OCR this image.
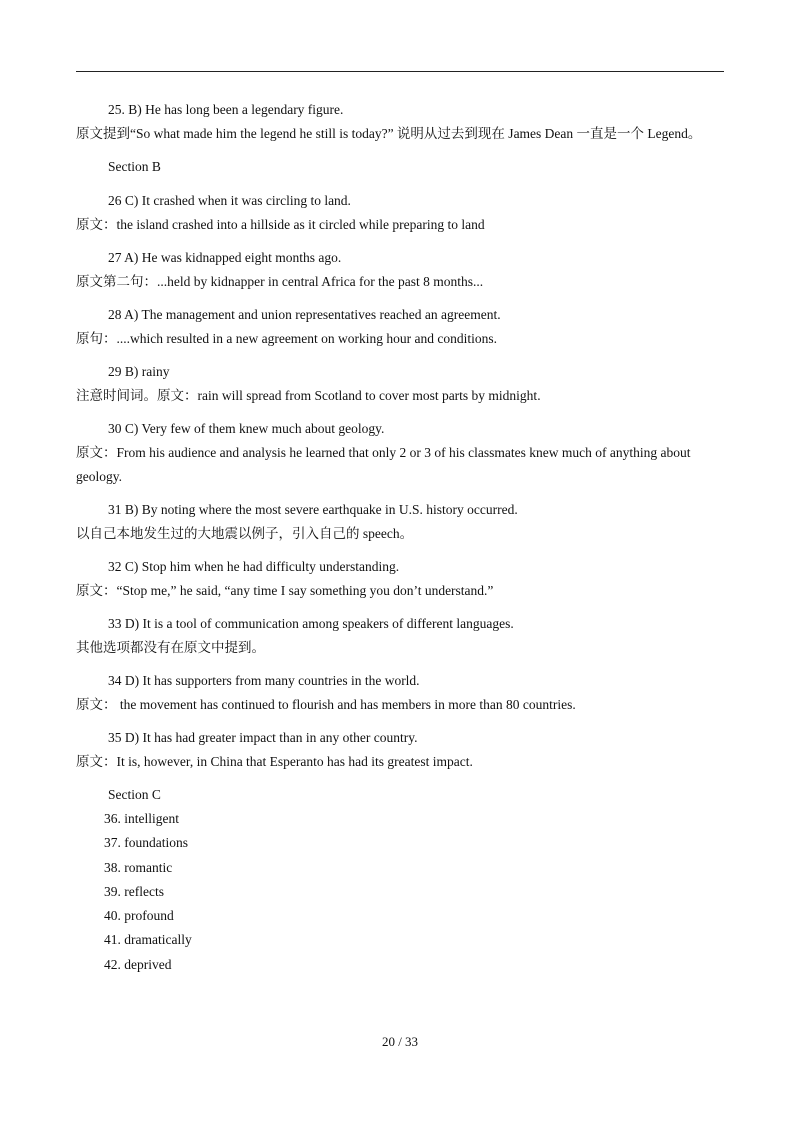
25. B) He has long been a legendary figure.
原文提到“So what made him the legend he still is today?” 说明从过去到现在 James Dean 一直是一个 Legend。
Section B
26 C) It crashed when it was circling to land.
原文：the island crashed into a hillside as it circled while preparing to land
27 A) He was kidnapped eight months ago.
原文第二句：...held by kidnapper in central Africa for the past 8 months...
28 A) The management and union representatives reached an agreement.
原句：....which resulted in a new agreement on working hour and conditions.
29 B) rainy
注意时间词。原文：rain will spread from Scotland to cover most parts by midnight.
30 C) Very few of them knew much about geology.
原文：From his audience and analysis he learned that only 2 or 3 of his classmates knew much of anything about geology.
31 B) By noting where the most severe earthquake in U.S. history occurred.
以自己本地发生过的大地震以例子，引入自己的 speech。
32 C) Stop him when he had difficulty understanding.
原文：“Stop me,” he said, “any time I say something you don’t understand.”
33 D) It is a tool of communication among speakers of different languages.
其他选项都没有在原文中提到。
34 D) It has supporters from many countries in the world.
原文： the movement has continued to flourish and has members in more than 80 countries.
35 D) It has had greater impact than in any other country.
原文：It is, however, in China that Esperanto has had its greatest impact.
Section C
36. intelligent
37. foundations
38. romantic
39. reflects
40. profound
41. dramatically
42. deprived
20 / 33
